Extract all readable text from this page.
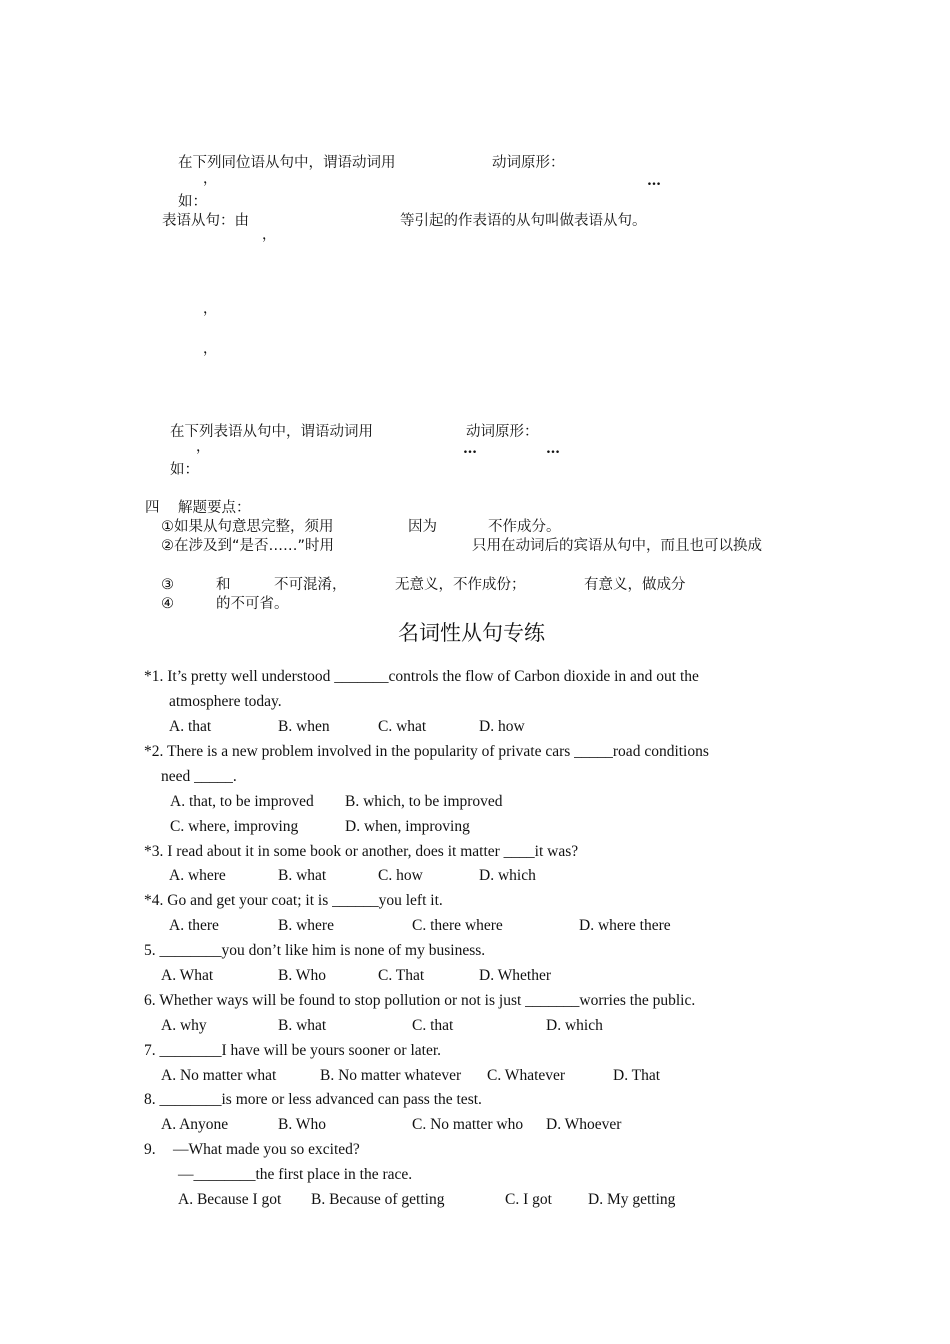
在下列同位语从句中，谓语动词用	动词原形：
，	…
如：
表语从句：由
，
等引起的作表语的从句叫做表语从句。
，
，
在下列表语从句中，谓语动词用	动词原形：
，	…	…
如：
四 解题要点：
①如果从句意思完整，须用	因为	不作成分。
②在涉及到“是否……”时用	只用在动词后的宾语从句中，而且也可以换成
③	和	不可混淆，	无意义，不作成份；	有意义，做成分
④	的不可省。
名词性从句专练
*1. It’s pretty well understood _______controls the flow of Carbon dioxide in and out the
atmosphere today.
A. that	B. when	C. what	D. how
*2. There is a new problem involved in the popularity of private cars _____road conditions
need _____.
A. that, to be improved B. which, to be improved
C. where, improving	D. when, improving
*3. I read about it in some book or another, does it matter ____it was?
A. where	B. what	C. how	D. which
*4. Go and get your coat; it is ______you left it.
A. there	B. where	C. there where	D. where there
5. ________you don’t like him is none of my business.
A. What	B. Who	C. That	D. Whether
6. Whether ways will be found to stop pollution or not is just _______worries the public.
A. why	B. what	C. that	D. which
7. ________I have will be yours sooner or later.
A. No matter what	B. No matter whatever C. Whatever	D. That
8. ________is more or less advanced can pass the test.
A. Anyone	B. Who	C. No matter who D. Whoever
9. —What made you so excited?
—________the first place in the race.
A. Because I got B. Because of getting	C. I got D. My getting
